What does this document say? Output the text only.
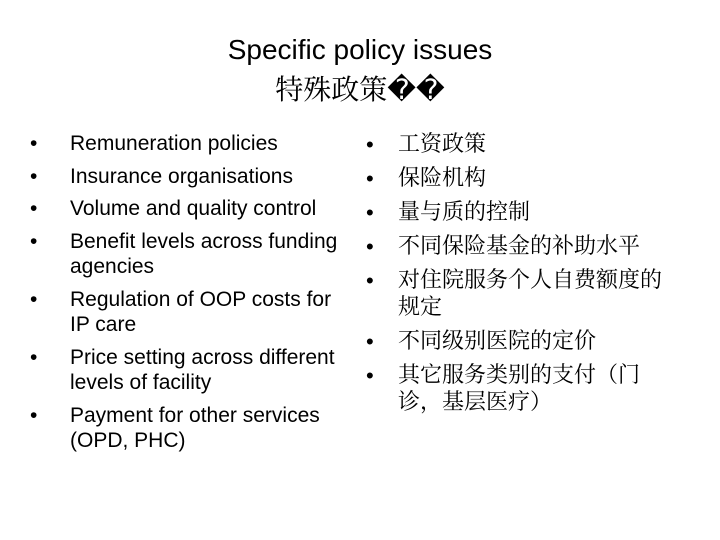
Specific policy issues
特殊政策��
• Remuneration policies
• Insurance organisations
• Volume and quality control
• Benefit levels across funding agencies
• Regulation of OOP costs for IP care
• Price setting across different levels of facility
• Payment for other services (OPD, PHC)
• 工资政策
• 保险机构
• 量与质的控制
• 不同保险基金的补助水平
• 对住院服务个人自费额度的规定
• 不同级别医院的定价
• 其它服务类别的支付（门诊，基层医疗）
